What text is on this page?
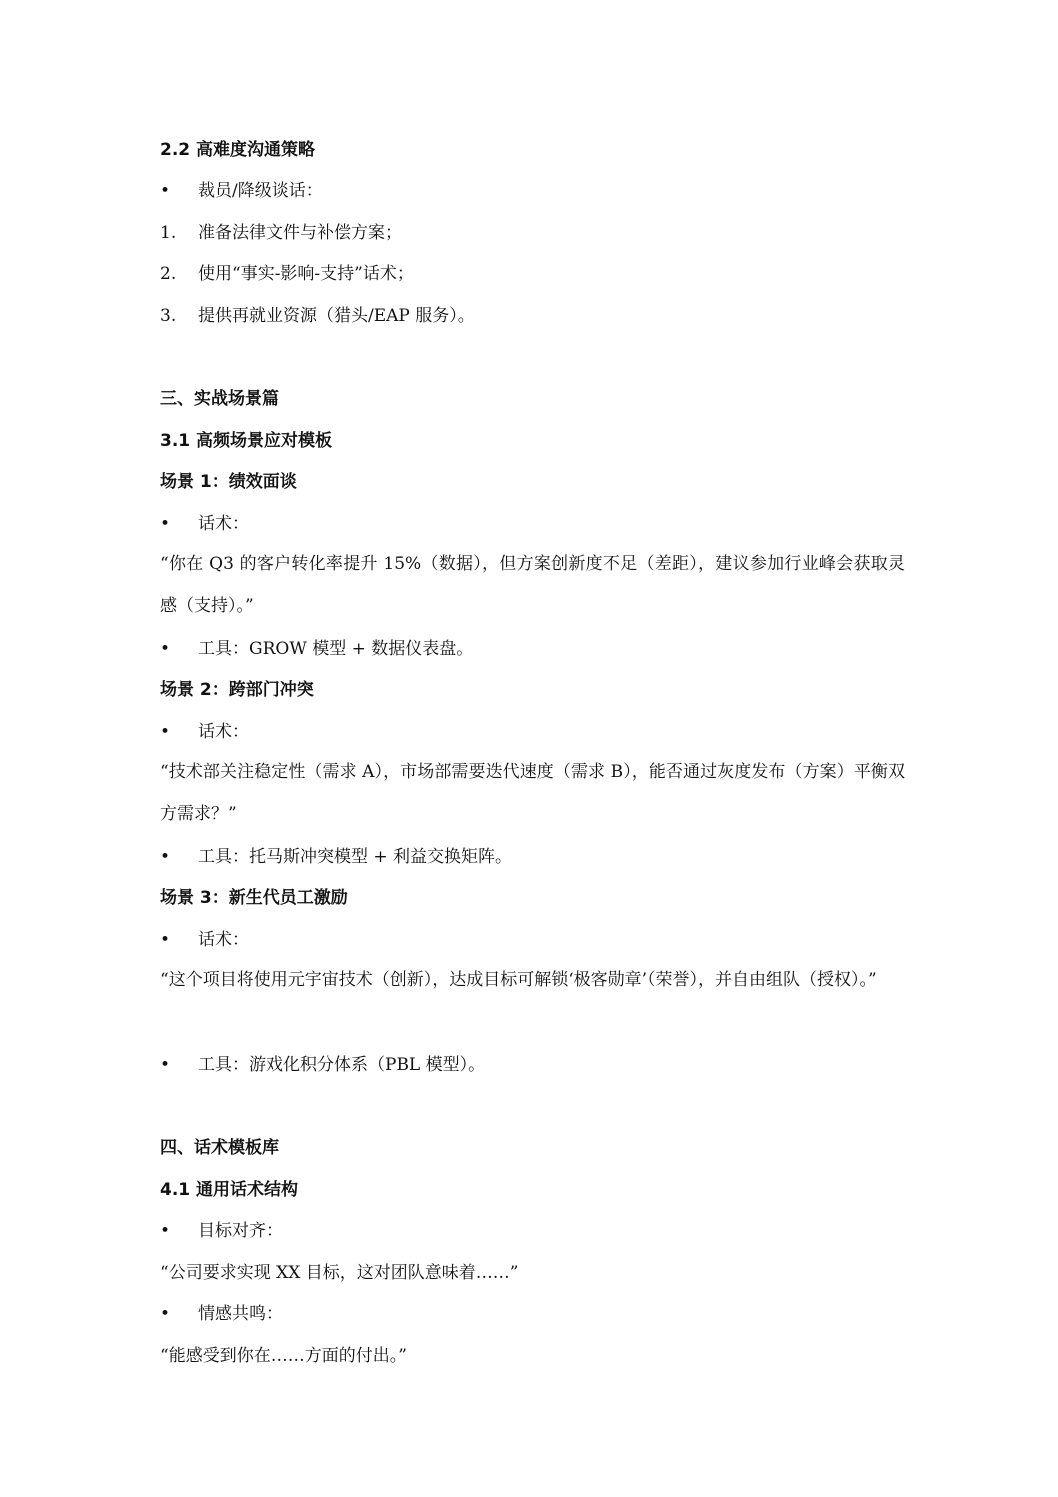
2.2 高难度沟通策略
• 裁员/降级谈话：
1. 准备法律文件与补偿方案；
2. 使用“事实-影响-支持”话术；
3. 提供再就业资源（猎头/EAP 服务）。
三、实战场景篇
3.1 高频场景应对模板
场景 1：绩效面谈
• 话术：
“你在 Q3 的客户转化率提升 15%（数据），但方案创新度不足（差距），建议参加行业峰会获取灵感（支持）。”
• 工具：GROW 模型 + 数据仪表盘。
场景 2：跨部门冲突
• 话术：
“技术部关注稳定性（需求 A），市场部需要迭代速度（需求 B），能否通过灰度发布（方案）平衡双方需求？”
• 工具：托马斯冲突模型 + 利益交换矩阵。
场景 3：新生代员工激励
• 话术：
“这个项目将使用元宇宙技术（创新），达成目标可解锁‘极客勋章’（荣誉），并自由组队（授权）。”
• 工具：游戏化积分体系（PBL 模型）。
四、话术模板库
4.1 通用话术结构
• 目标对齐：
“公司要求实现 XX 目标，这对团队意味着……”
• 情感共鸣：
“能感受到你在……方面的付出。”
